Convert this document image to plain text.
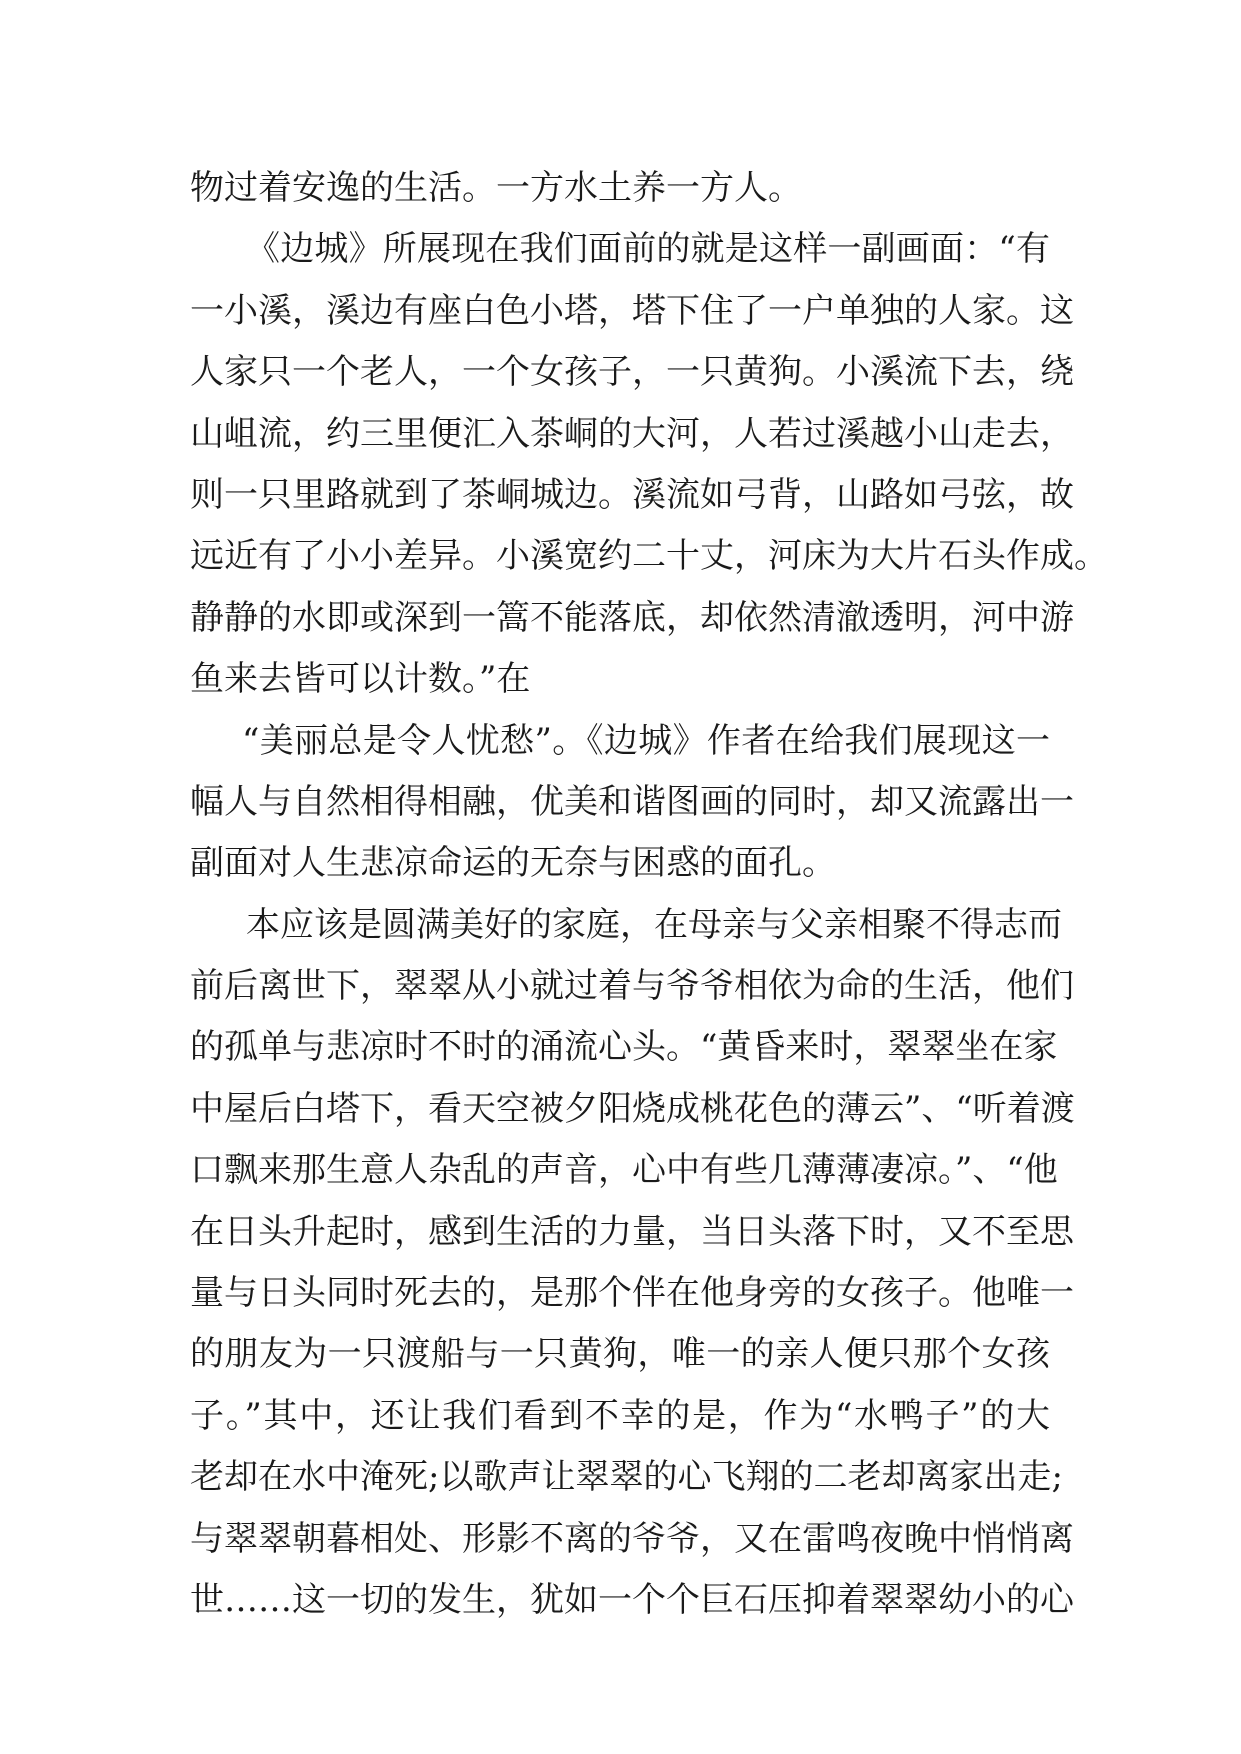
物过着安逸的生活。一方水土养一方人。
《边城》所展现在我们面前的就是这样一副画面：“有
一小溪，溪边有座白色小塔，塔下住了一户单独的人家。这
人家只一个老人，一个女孩子，一只黄狗。小溪流下去，绕
山岨流，约三里便汇入茶峒的大河，人若过溪越小山走去，
则一只里路就到了茶峒城边。溪流如弓背，山路如弓弦，故
远近有了小小差异。小溪宽约二十丈，河床为大片石头作成。
静静的水即或深到一篙不能落底，却依然清澈透明，河中游
鱼来去皆可以计数。”在
“美丽总是令人忧愁”。《边城》作者在给我们展现这一
幅人与自然相得相融，优美和谐图画的同时，却又流露出一
副面对人生悲凉命运的无奈与困惑的面孔。
本应该是圆满美好的家庭，在母亲与父亲相聚不得志而
前后离世下，翠翠从小就过着与爷爷相依为命的生活，他们
的孤单与悲凉时不时的涌流心头。“黄昏来时，翠翠坐在家
中屋后白塔下，看天空被夕阳烧成桃花色的薄云”、“听着渡
口飘来那生意人杂乱的声音，心中有些几薄薄凄凉。”、“他
在日头升起时，感到生活的力量，当日头落下时，又不至思
量与日头同时死去的，是那个伴在他身旁的女孩子。他唯一
的朋友为一只渡船与一只黄狗，唯一的亲人便只那个女孩
子。”其中，还让我们看到不幸的是，作为“水鸭子”的大
老却在水中淹死;以歌声让翠翠的心飞翔的二老却离家出走;
与翠翠朝暮相处、形影不离的爷爷，又在雷鸣夜晚中悄悄离
世……这一切的发生，犹如一个个巨石压抑着翠翠幼小的心
